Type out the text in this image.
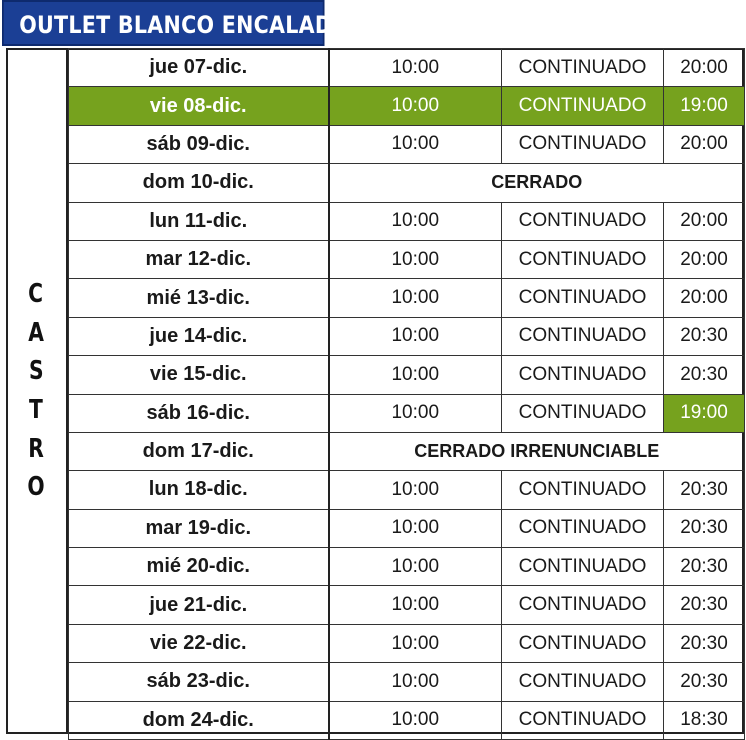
OUTLET BLANCO ENCALADA 250
C
A
S
T
R
O
jue 07-dic.	10:00	CONTINUADO	20:00
vie 08-dic.	10:00	CONTINUADO	19:00
sáb 09-dic.	10:00	CONTINUADO	20:00
dom 10-dic.	CERRADO		
lun 11-dic.	10:00	CONTINUADO	20:00
mar 12-dic.	10:00	CONTINUADO	20:00
mié 13-dic.	10:00	CONTINUADO	20:00
jue 14-dic.	10:00	CONTINUADO	20:30
vie 15-dic.	10:00	CONTINUADO	20:30
sáb 16-dic.	10:00	CONTINUADO	19:00
dom 17-dic.	CERRADO IRRENUNCIABLE		
lun 18-dic.	10:00	CONTINUADO	20:30
mar 19-dic.	10:00	CONTINUADO	20:30
mié 20-dic.	10:00	CONTINUADO	20:30
jue 21-dic.	10:00	CONTINUADO	20:30
vie 22-dic.	10:00	CONTINUADO	20:30
sáb 23-dic.	10:00	CONTINUADO	20:30
dom 24-dic.	10:00	CONTINUADO	18:30
